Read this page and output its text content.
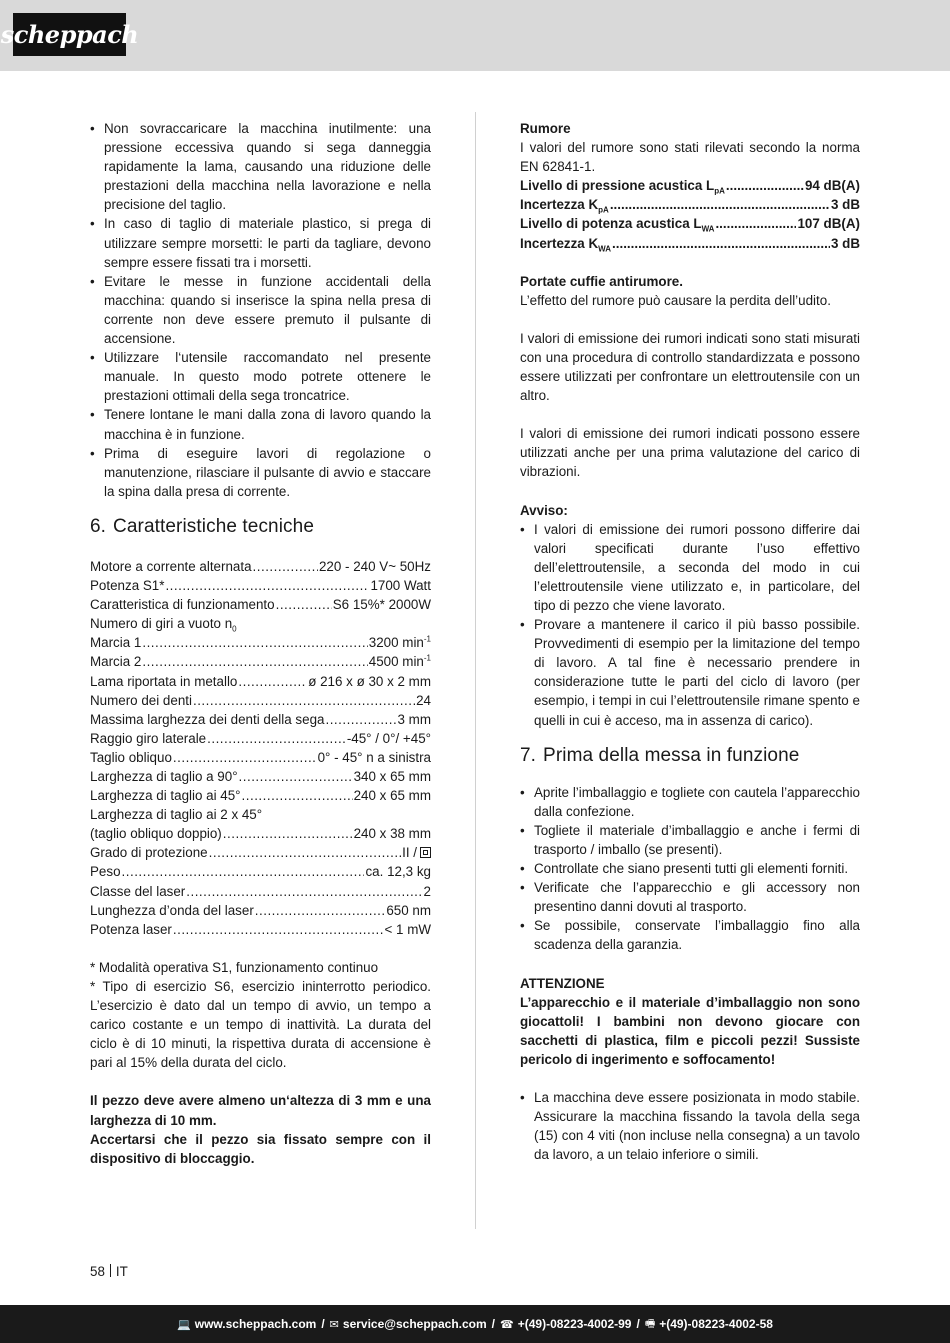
scheppach
• Non sovraccaricare la macchina inutilmente: una pressione eccessiva quando si sega danneggia rapidamente la lama, causando una riduzione delle prestazioni della macchina nella lavorazione e nella precisione del taglio.
• In caso di taglio di materiale plastico, si prega di utilizzare sempre morsetti: le parti da tagliare, devono sempre essere fissati tra i morsetti.
• Evitare le messe in funzione accidentali della macchina: quando si inserisce la spina nella presa di corrente non deve essere premuto il pulsante di accensione.
• Utilizzare l‘utensile raccomandato nel presente manuale. In questo modo potrete ottenere le prestazioni ottimali della sega troncatrice.
• Tenere lontane le mani dalla zona di lavoro quando la macchina è in funzione.
• Prima di eseguire lavori di regolazione o manutenzione, rilasciare il pulsante di avvio e staccare la spina dalla presa di corrente.
6. Caratteristiche tecniche
Motore a corrente alternata .....	220 - 240 V~ 50Hz
Potenza S1* .....	1700 Watt
Caratteristica di funzionamento .....	S6 15%* 2000W
Numero di giri a vuoto $n_0$
Marcia 1 .....	3200 $\min^{-1}$
Marcia 2 .....	4500 $\min^{-1}$
Lama riportata in metallo .....	ø 216 x ø 30 x 2 mm
Numero dei denti .....	24
Massima larghezza dei denti della sega .....	3 mm
Raggio giro laterale .....	-45° / 0°/ +45°
Taglio obliquo .....	0° - 45° n a sinistra
Larghezza di taglio a 90° .....	340 x 65 mm
Larghezza di taglio ai 45° .....	240 x 65 mm
Larghezza di taglio ai 2 x 45°
(taglio obliquo doppio) .....	240 x 38 mm
Grado di protezione .....	II /
Peso .....	ca. 12,3 kg
Classe del laser .....	2
Lunghezza d’onda del laser .....	650 nm
Potenza laser .....	< 1 mW

* Modalità operativa S1, funzionamento continuo

* Tipo di esercizio S6, esercizio ininterrotto periodico. L’esercizio è dato dal un tempo di avvio, un tempo a carico costante e un tempo di inattività. La durata del ciclo è di 10 minuti, la rispettiva durata di accensione è pari al 15% della durata del ciclo.

Il pezzo deve avere almeno un‘altezza di 3 mm e una larghezza di 10 mm.

Accertarsi che il pezzo sia fissato sempre con il dispositivo di bloccaggio.

Rumore

I valori del rumore sono stati rilevati secondo la norma EN 62841-1.

Livello di pressione acustica $L_{pA}$ .....	94 dB(A)
Incertezza $K_{pA}$ .....	3 dB
Livello di potenza acustica $L_{WA}$ .....	107 dB(A)
Incertezza $K_{WA}$ .....	3 dB
Portate cuffie antirumore.

L’effetto del rumore può causare la perdita dell’udito.

I valori di emissione dei rumori indicati sono stati misurati con una procedura di controllo standardizzata e possono essere utilizzati per confrontare un elettroutensile con un altro.

I valori di emissione dei rumori indicati possono essere utilizzati anche per una prima valutazione del carico di vibrazioni.

Avviso:
• I valori di emissione dei rumori possono differire dai valori specificati durante l’uso effettivo dell’elettroutensile, a seconda del modo in cui l’elettroutensile viene utilizzato e, in particolare, del tipo di pezzo che viene lavorato.
• Provare a mantenere il carico il più basso possibile. Provvedimenti di esempio per la limitazione del tempo di lavoro. A tal fine è necessario prendere in considerazione tutte le parti del ciclo di lavoro (per esempio, i tempi in cui l’elettroutensile rimane spento e quelli in cui è acceso, ma in assenza di carico).
7. Prima della messa in funzione
• Aprite l’imballaggio e togliete con cautela l’apparecchio dalla confezione.
• Togliete il materiale d’imballaggio e anche i fermi di trasporto / imballo (se presenti).
• Controllate che siano presenti tutti gli elementi forniti.
• Verificate che l’apparecchio e gli accessory non presentino danni dovuti al trasporto.
• Se possibile, conservate l’imballaggio fino alla scadenza della garanzia.
ATTENZIONE

L’apparecchio e il materiale d’imballaggio non sono giocattoli! I bambini non devono giocare con sacchetti di plastica, film e piccoli pezzi! Sussiste pericolo di ingerimento e soffocamento!

• La macchina deve essere posizionata in modo stabile. Assicurare la macchina fissando la tavola della sega (15) con 4 viti (non incluse nella consegna) a un tavolo da lavoro, a un telaio inferiore o simili.
58 IT
💻 www.scheppach.com / ✉ service@scheppach.com / ☎ +(49)-08223-4002-99 / 🖷 +(49)-08223-4002-58
